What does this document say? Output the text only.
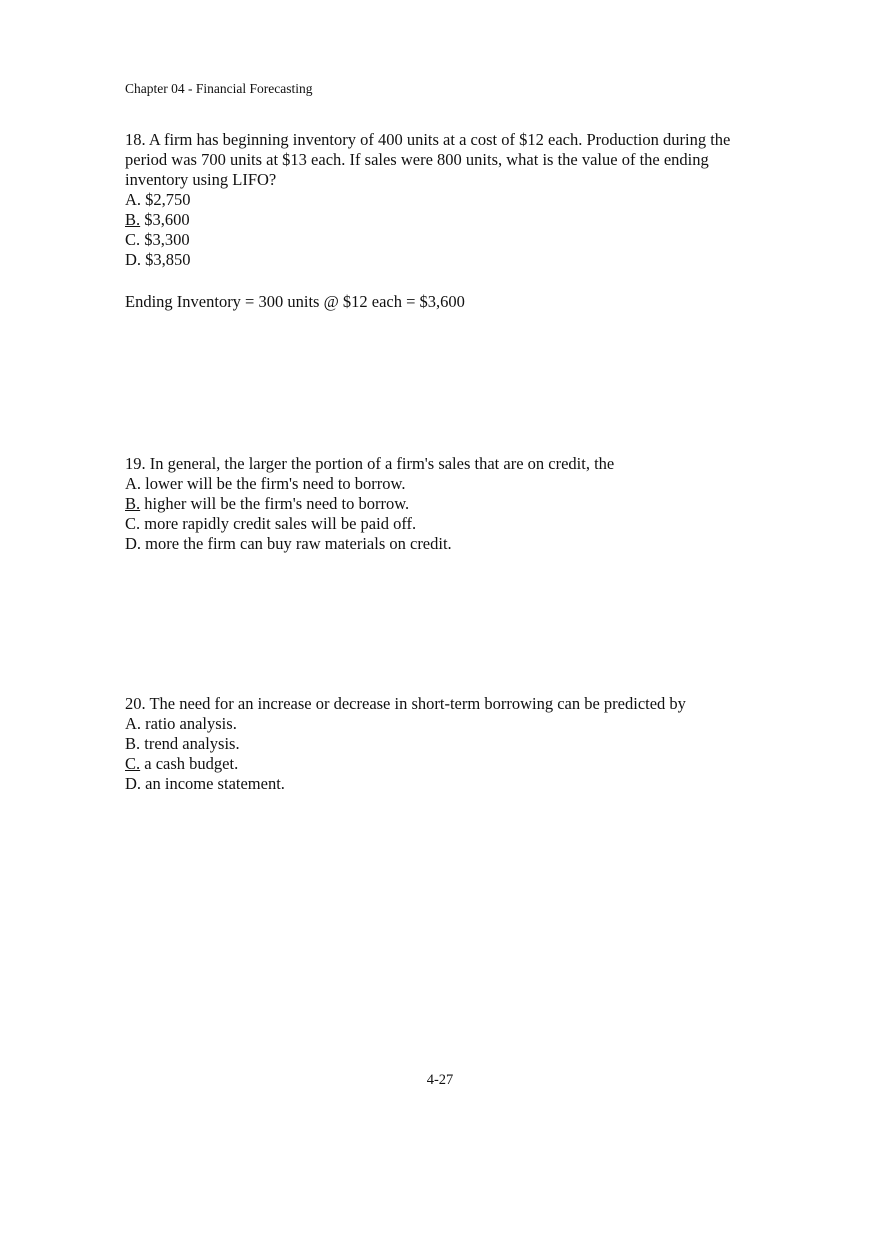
Chapter 04 - Financial Forecasting

18. A firm has beginning inventory of 400 units at a cost of $12 each. Production during the period was 700 units at $13 each. If sales were 800 units, what is the value of the ending inventory using LIFO?

A. $2,750
B. $3,600
C. $3,300
D. $3,850

Ending Inventory = 300 units @ $12 each = $3,600

19. In general, the larger the portion of a firm's sales that are on credit, the

A. lower will be the firm's need to borrow.
B. higher will be the firm's need to borrow.
C. more rapidly credit sales will be paid off.
D. more the firm can buy raw materials on credit.

20. The need for an increase or decrease in short-term borrowing can be predicted by

A. ratio analysis.
B. trend analysis.
C. a cash budget.
D. an income statement.
4-27
